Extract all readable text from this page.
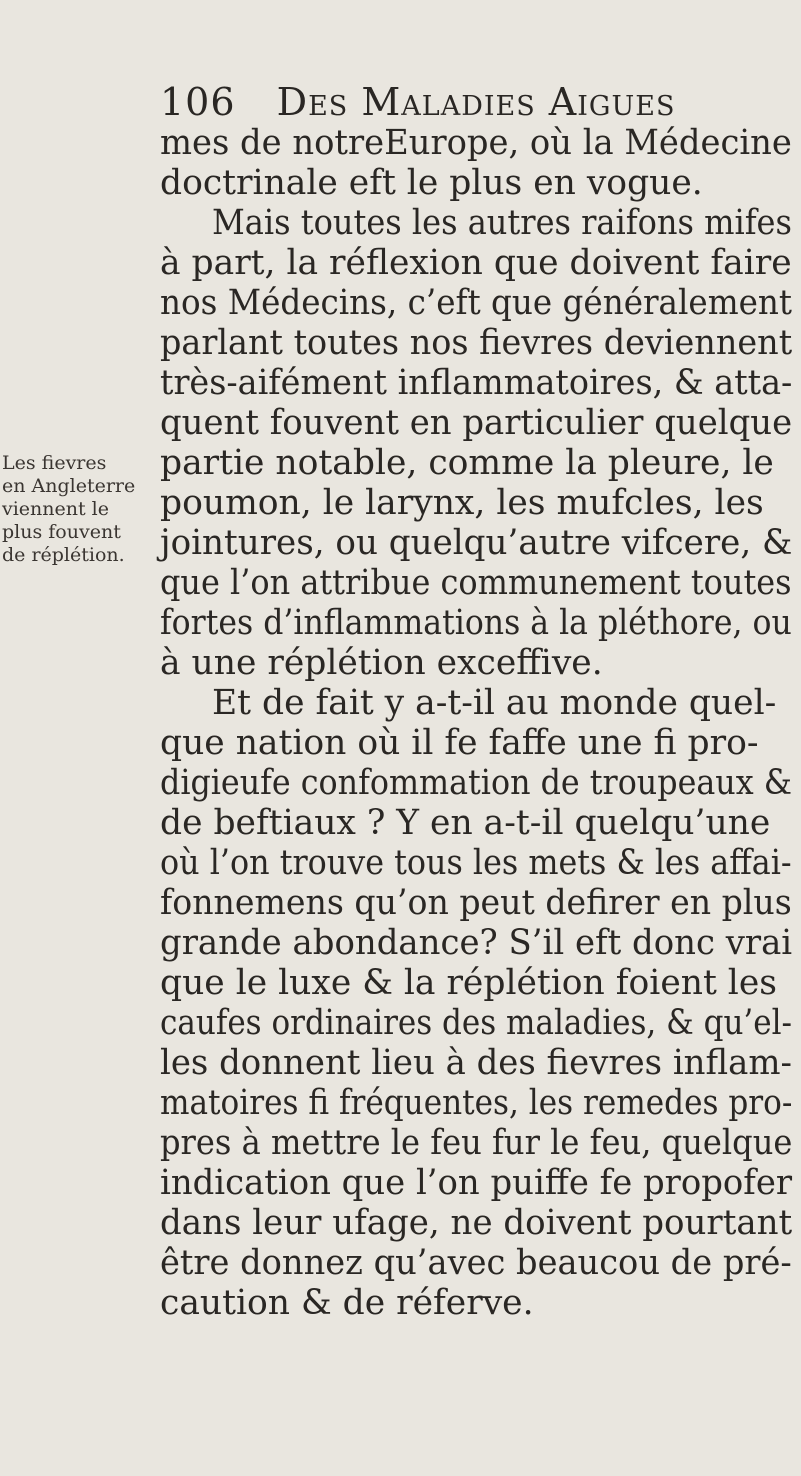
106 Des Maladies Aigues
Les fievres
en Angleterre
viennent le
plus fouvent
de réplétion.
mes de notreEurope, où la Médecine
doctrinale eft le plus en vogue.
Mais toutes les autres raifons mifes
à part, la réflexion que doivent faire
nos Médecins, c’eft que généralement
parlant toutes nos fievres deviennent
très-aifément inflammatoires, & atta-
quent fouvent en particulier quelque
partie notable, comme la pleure, le
poumon, le larynx, les mufcles, les
jointures, ou quelqu’autre vifcere, &
que l’on attribue communement toutes
fortes d’inflammations à la pléthore, ou
à une réplétion exceffive.
Et de fait y a-t-il au monde quel-
que nation où il fe faffe une fi pro-
digieufe confommation de troupeaux &
de beftiaux ? Y en a-t-il quelqu’une
où l’on trouve tous les mets & les affai-
fonnemens qu’on peut defirer en plus
grande abondance? S’il eft donc vrai
que le luxe & la réplétion foient les
caufes ordinaires des maladies, & qu’el-
les donnent lieu à des fievres inflam-
matoires fi fréquentes, les remedes pro-
pres à mettre le feu fur le feu, quelque
indication que l’on puiffe fe propofer
dans leur ufage, ne doivent pourtant
être donnez qu’avec beaucou de pré-
caution & de réferve.
